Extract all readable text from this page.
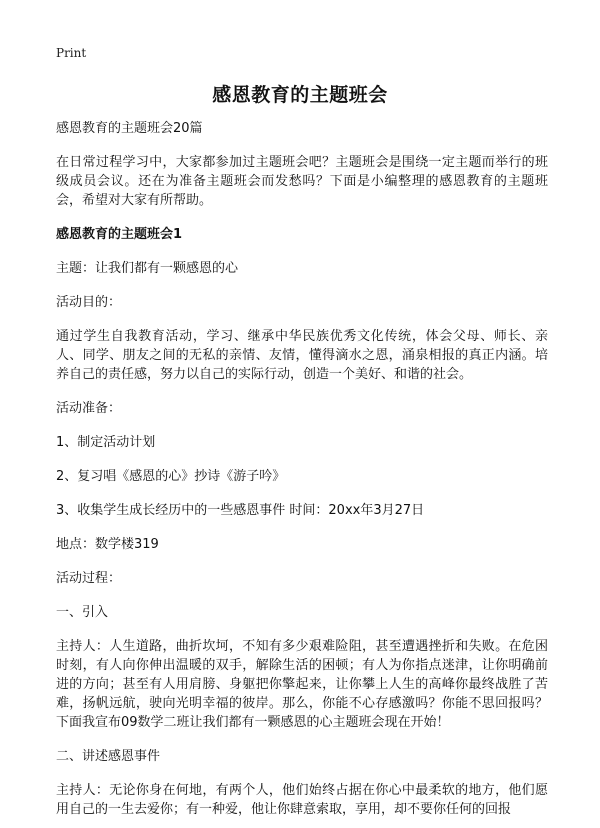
Print
感恩教育的主题班会

感恩教育的主题班会20篇

在日常过程学习中，大家都参加过主题班会吧？主题班会是围绕一定主题而举行的班级成员会议。还在为准备主题班会而发愁吗？下面是小编整理的感恩教育的主题班会，希望对大家有所帮助。

感恩教育的主题班会1

主题：让我们都有一颗感恩的心

活动目的：

通过学生自我教育活动，学习、继承中华民族优秀文化传统，体会父母、师长、亲人、同学、朋友之间的无私的亲情、友情，懂得滴水之恩，涌泉相报的真正内涵。培养自己的责任感，努力以自己的实际行动，创造一个美好、和谐的社会。

活动准备：

1、制定活动计划

2、复习唱《感恩的心》抄诗《游子吟》

3、收集学生成长经历中的一些感恩事件 时间：20xx年3月27日

地点：数学楼319

活动过程：

一、引入

主持人：人生道路，曲折坎坷，不知有多少艰难险阻，甚至遭遇挫折和失败。在危困时刻，有人向你伸出温暖的双手，解除生活的困顿；有人为你指点迷津，让你明确前进的方向；甚至有人用肩膀、身躯把你擎起来，让你攀上人生的高峰你最终战胜了苦难，扬帆远航，驶向光明幸福的彼岸。那么，你能不心存感激吗？你能不思回报吗？下面我宣布09数学二班让我们都有一颗感恩的心主题班会现在开始！

二、讲述感恩事件

主持人：无论你身在何地，有两个人，他们始终占据在你心中最柔软的地方，他们愿用自己的一生去爱你；有一种爱，他让你肆意索取，享用，却不要你任何的回报
